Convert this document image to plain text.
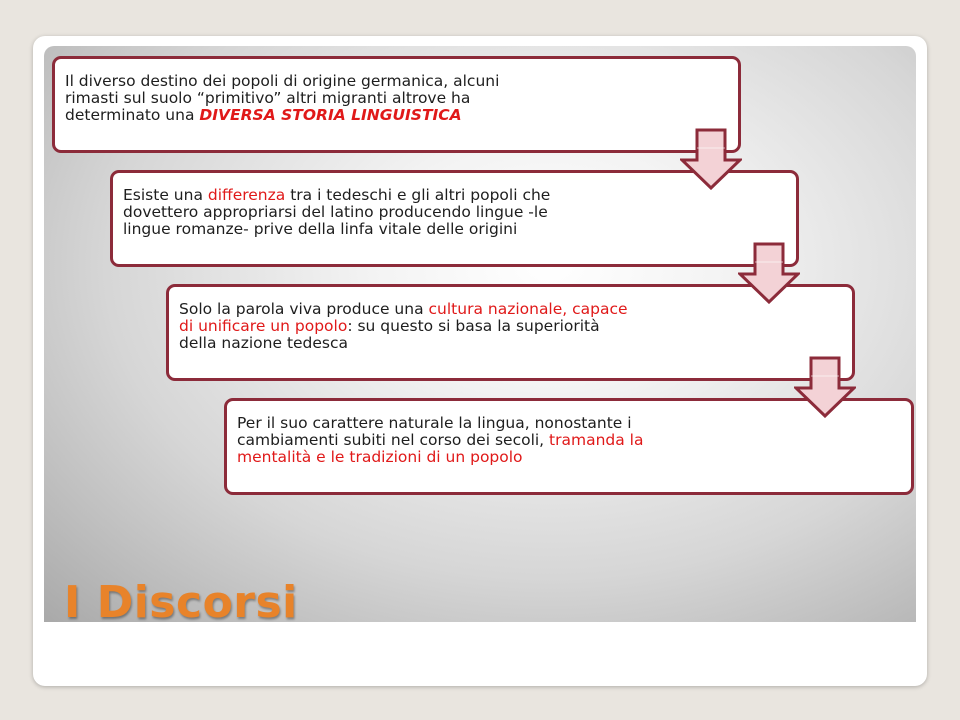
Il diverso destino dei popoli di origine germanica, alcuni
rimasti sul suolo “primitivo” altri migranti altrove ha
determinato una DIVERSA STORIA LINGUISTICA
Esiste una differenza tra i tedeschi e gli altri popoli che
dovettero appropriarsi del latino producendo lingue -le
lingue romanze- prive della linfa vitale delle origini
Solo la parola viva produce una cultura nazionale, capace
di unificare un popolo: su questo si basa la superiorità
della nazione tedesca
Per il suo carattere naturale la lingua, nonostante i
cambiamenti subiti nel corso dei secoli, tramanda la
mentalità e le tradizioni di un popolo
I Discorsi
